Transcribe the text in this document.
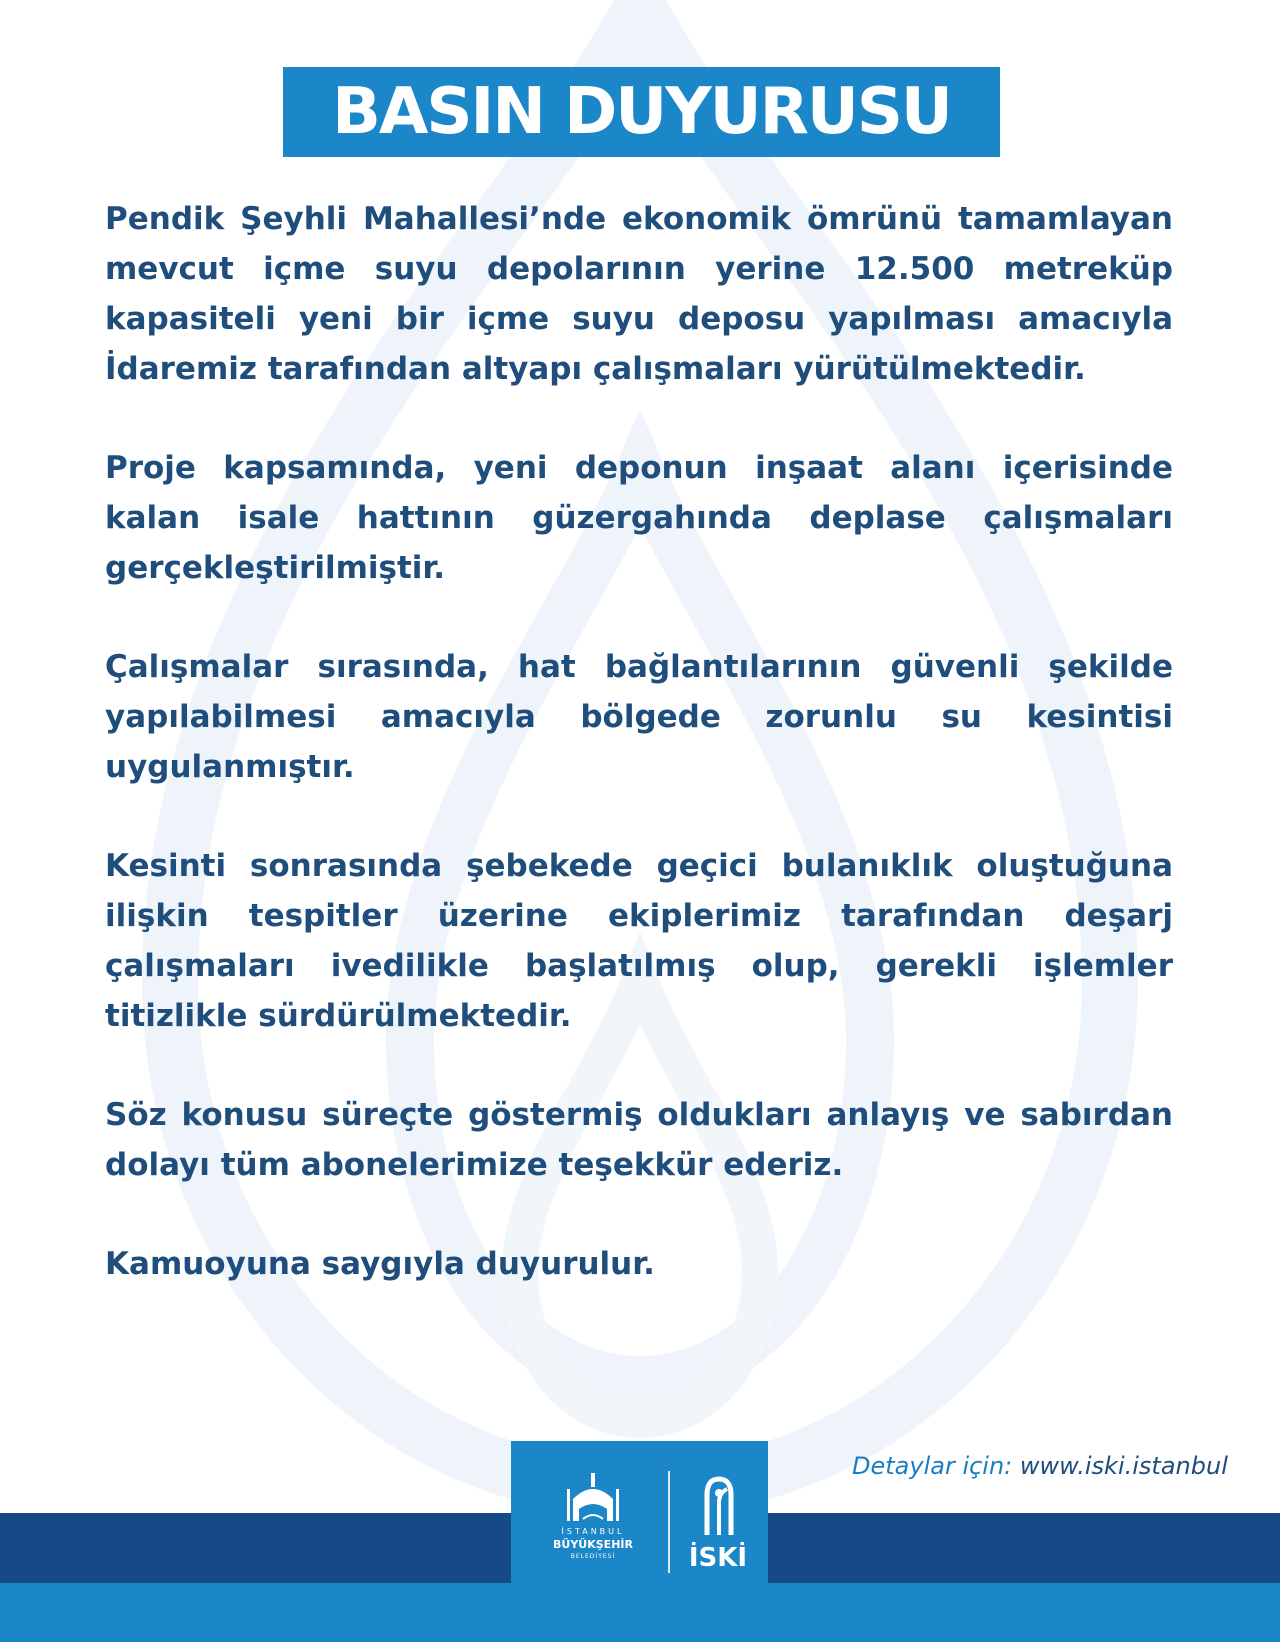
BASIN DUYURUSU

Pendik Şeyhli Mahallesi’nde ekonomik ömrünü tamamlayan mevcut içme suyu depolarının yerine 12.500 metreküp kapasiteli yeni bir içme suyu deposu yapılması amacıyla İdaremiz tarafından altyapı çalışmaları yürütülmektedir.

Proje kapsamında, yeni deponun inşaat alanı içerisinde kalan isale hattının güzergahında deplase çalışmaları gerçekleştirilmiştir.

Çalışmalar sırasında, hat bağlantılarının güvenli şekilde yapılabilmesi amacıyla bölgede zorunlu su kesintisi uygulanmıştır.

Kesinti sonrasında şebekede geçici bulanıklık oluştuğuna ilişkin tespitler üzerine ekiplerimiz tarafından deşarj çalışmaları ivedilikle başlatılmış olup, gerekli işlemler titizlikle sürdürülmektedir.

Söz konusu süreçte göstermiş oldukları anlayış ve sabırdan dolayı tüm abonelerimize teşekkür ederiz.

Kamuoyuna saygıyla duyurulur.

Detaylar için: www.iski.istanbul
İSTANBUL
BÜYÜKŞEHİR
BELEDİYESİ	İSKİ
